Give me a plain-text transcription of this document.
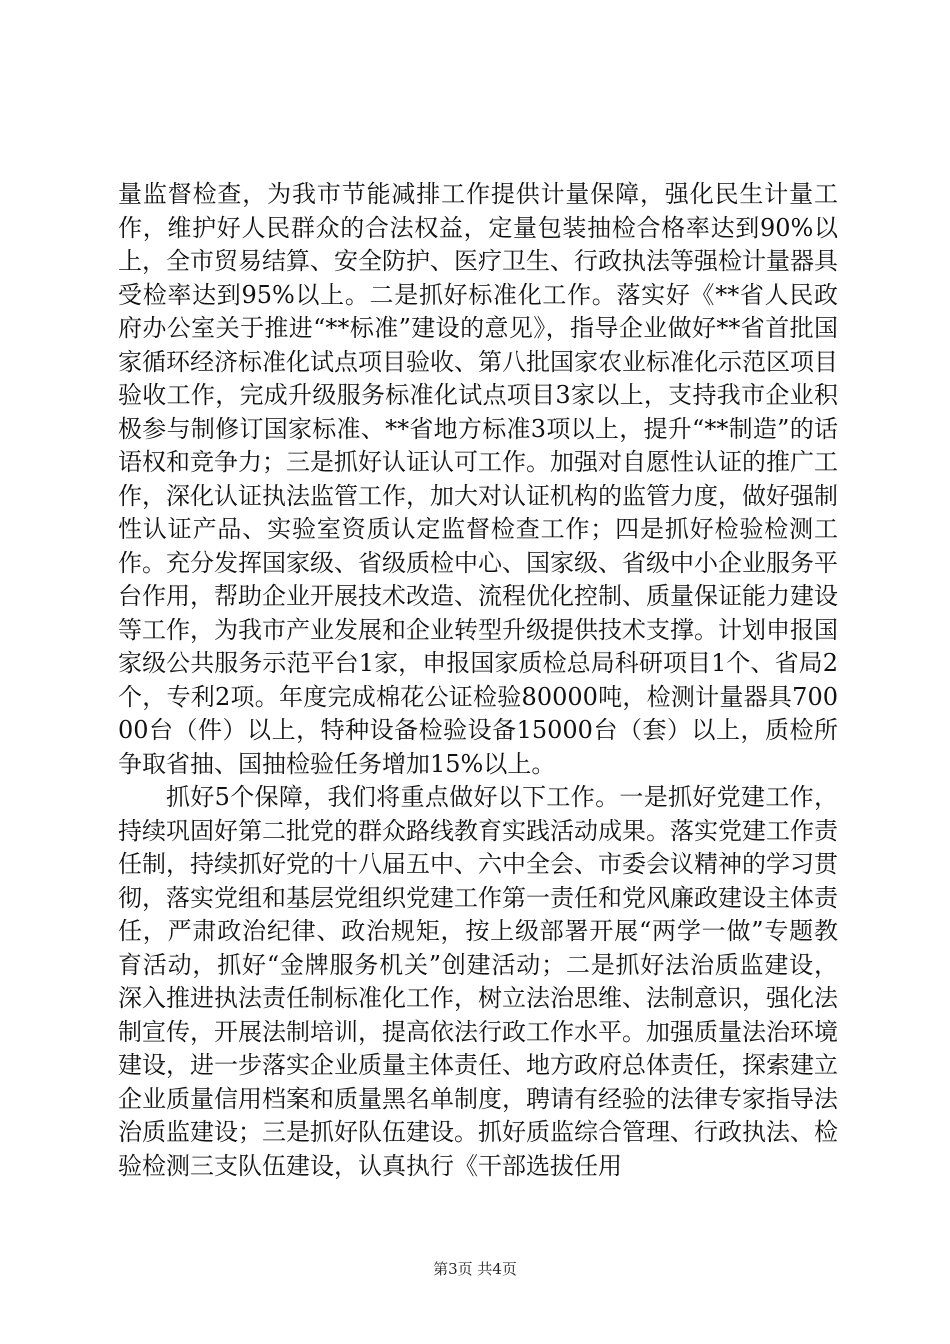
量监督检查，为我市节能减排工作提供计量保障，强化民生计量工作，维护好人民群众的合法权益，定量包装抽检合格率达到90%以上，全市贸易结算、安全防护、医疗卫生、行政执法等强检计量器具受检率达到95%以上。二是抓好标准化工作。落实好《**省人民政府办公室关于推进“**标准”建设的意见》，指导企业做好**省首批国家循环经济标准化试点项目验收、第八批国家农业标准化示范区项目验收工作，完成升级服务标准化试点项目3家以上，支持我市企业积极参与制修订国家标准、**省地方标准3项以上，提升“**制造”的话语权和竞争力；三是抓好认证认可工作。加强对自愿性认证的推广工作，深化认证执法监管工作，加大对认证机构的监管力度，做好强制性认证产品、实验室资质认定监督检查工作；四是抓好检验检测工作。充分发挥国家级、省级质检中心、国家级、省级中小企业服务平台作用，帮助企业开展技术改造、流程优化控制、质量保证能力建设等工作，为我市产业发展和企业转型升级提供技术支撑。计划申报国家级公共服务示范平台1家，申报国家质检总局科研项目1个、省局2个，专利2项。年度完成棉花公证检验80000吨，检测计量器具70000台（件）以上，特种设备检验设备15000台（套）以上，质检所争取省抽、国抽检验任务增加15%以上。

抓好5个保障，我们将重点做好以下工作。一是抓好党建工作，持续巩固好第二批党的群众路线教育实践活动成果。落实党建工作责任制，持续抓好党的十八届五中、六中全会、市委会议精神的学习贯彻，落实党组和基层党组织党建工作第一责任和党风廉政建设主体责任，严肃政治纪律、政治规矩，按上级部署开展“两学一做”专题教育活动，抓好“金牌服务机关”创建活动；二是抓好法治质监建设，深入推进执法责任制标准化工作，树立法治思维、法制意识，强化法制宣传，开展法制培训，提高依法行政工作水平。加强质量法治环境建设，进一步落实企业质量主体责任、地方政府总体责任，探索建立企业质量信用档案和质量黑名单制度，聘请有经验的法律专家指导法治质监建设；三是抓好队伍建设。抓好质监综合管理、行政执法、检验检测三支队伍建设，认真执行《干部选拔任用

第3页 共4页
